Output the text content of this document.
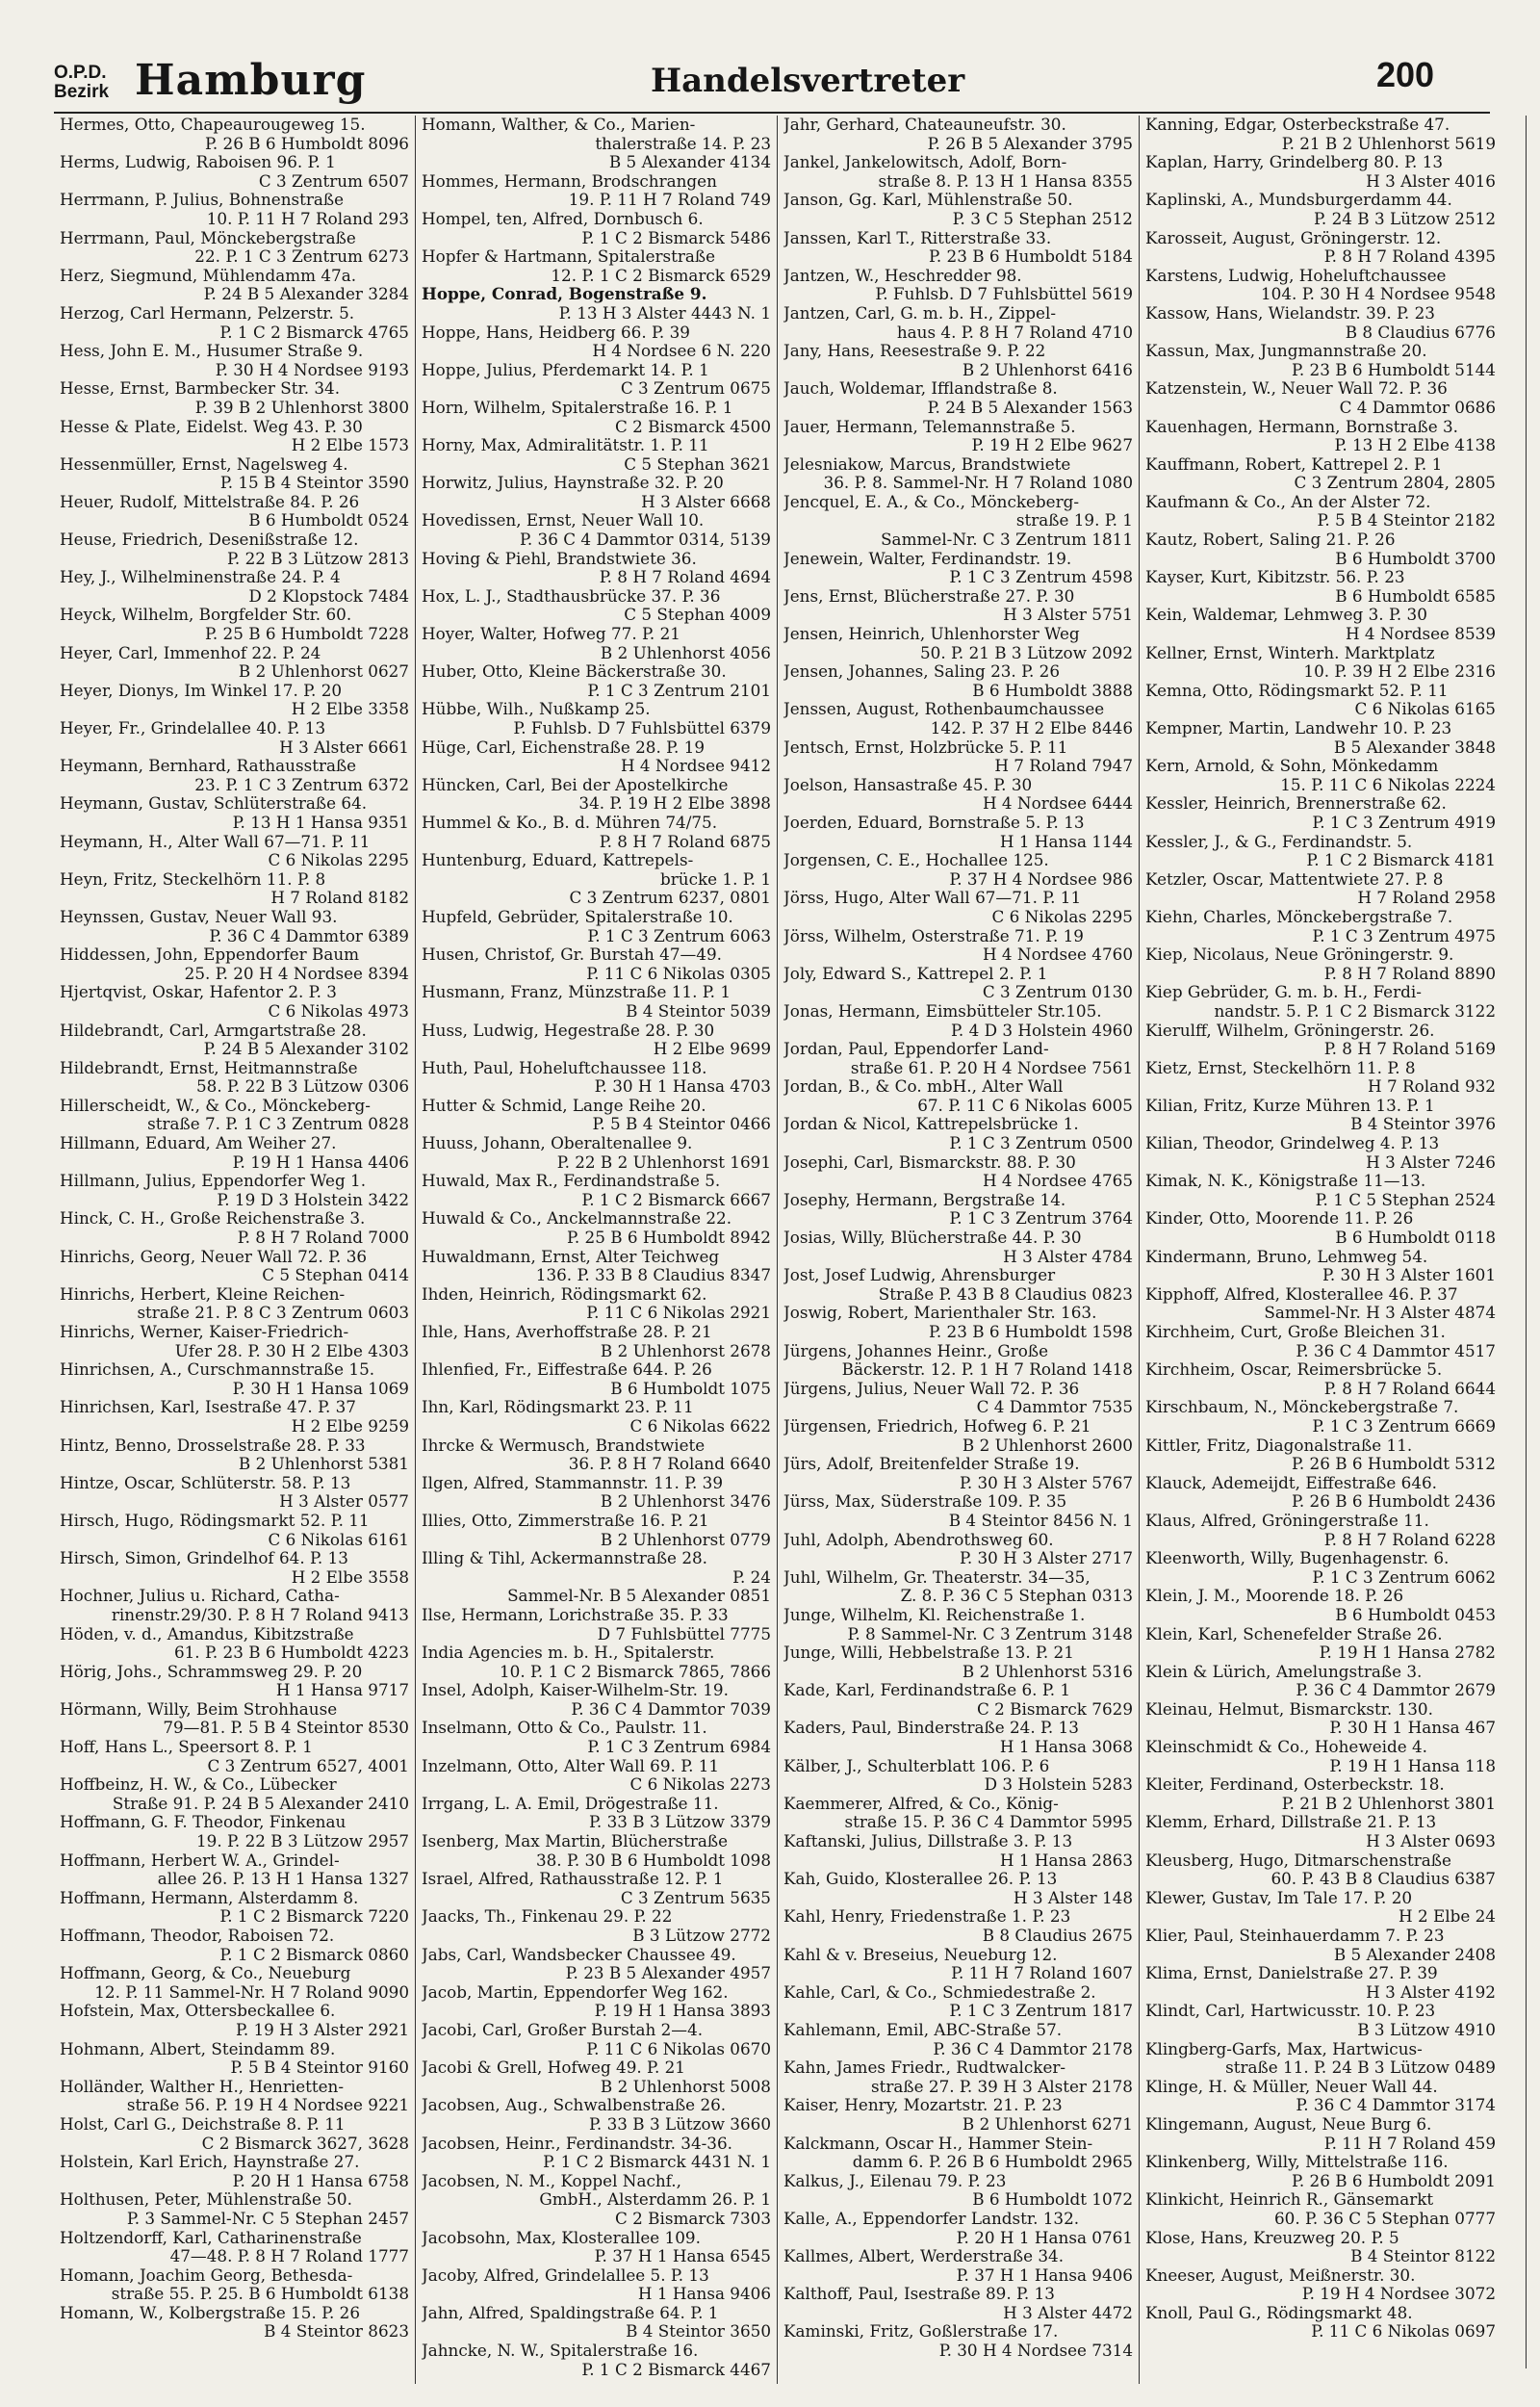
O.P.D.
Bezirk Hamburg	Handelsvertreter	200
Hermes, Otto, Chapeaurougeweg 15.
P. 26 B 6 Humboldt 8096
Herms, Ludwig, Raboisen 96. P. 1
C 3 Zentrum 6507
Herrmann, P. Julius, Bohnenstraße
10. P. 11 H 7 Roland 293
Herrmann, Paul, Mönckebergstraße
22. P. 1 C 3 Zentrum 6273
Herz, Siegmund, Mühlendamm 47a.
P. 24 B 5 Alexander 3284
Herzog, Carl Hermann, Pelzerstr. 5.
P. 1 C 2 Bismarck 4765
Hess, John E. M., Husumer Straße 9.
P. 30 H 4 Nordsee 9193
Hesse, Ernst, Barmbecker Str. 34.
P. 39 B 2 Uhlenhorst 3800
Hesse & Plate, Eidelst. Weg 43. P. 30
H 2 Elbe 1573
Hessenmüller, Ernst, Nagelsweg 4.
P. 15 B 4 Steintor 3590
Heuer, Rudolf, Mittelstraße 84. P. 26
B 6 Humboldt 0524
Heuse, Friedrich, Desenißstraße 12.
P. 22 B 3 Lützow 2813
Hey, J., Wilhelminenstraße 24. P. 4
D 2 Klopstock 7484
Heyck, Wilhelm, Borgfelder Str. 60.
P. 25 B 6 Humboldt 7228
Heyer, Carl, Immenhof 22. P. 24
B 2 Uhlenhorst 0627
Heyer, Dionys, Im Winkel 17. P. 20
H 2 Elbe 3358
Heyer, Fr., Grindelallee 40. P. 13
H 3 Alster 6661
Heymann, Bernhard, Rathausstraße
23. P. 1 C 3 Zentrum 6372
Heymann, Gustav, Schlüterstraße 64.
P. 13 H 1 Hansa 9351
Heymann, H., Alter Wall 67—71. P. 11
C 6 Nikolas 2295
Heyn, Fritz, Steckelhörn 11. P. 8
H 7 Roland 8182
Heynssen, Gustav, Neuer Wall 93.
P. 36 C 4 Dammtor 6389
Hiddessen, John, Eppendorfer Baum
25. P. 20 H 4 Nordsee 8394
Hjertqvist, Oskar, Hafentor 2. P. 3
C 6 Nikolas 4973
Hildebrandt, Carl, Armgartstraße 28.
P. 24 B 5 Alexander 3102
Hildebrandt, Ernst, Heitmannstraße
58. P. 22 B 3 Lützow 0306
Hillerscheidt, W., & Co., Mönckeberg-
straße 7. P. 1 C 3 Zentrum 0828
Hillmann, Eduard, Am Weiher 27.
P. 19 H 1 Hansa 4406
Hillmann, Julius, Eppendorfer Weg 1.
P. 19 D 3 Holstein 3422
Hinck, C. H., Große Reichenstraße 3.
P. 8 H 7 Roland 7000
Hinrichs, Georg, Neuer Wall 72. P. 36
C 5 Stephan 0414
Hinrichs, Herbert, Kleine Reichen-
straße 21. P. 8 C 3 Zentrum 0603
Hinrichs, Werner, Kaiser-Friedrich-
Ufer 28. P. 30 H 2 Elbe 4303
Hinrichsen, A., Curschmannstraße 15.
P. 30 H 1 Hansa 1069
Hinrichsen, Karl, Isestraße 47. P. 37
H 2 Elbe 9259
Hintz, Benno, Drosselstraße 28. P. 33
B 2 Uhlenhorst 5381
Hintze, Oscar, Schlüterstr. 58. P. 13
H 3 Alster 0577
Hirsch, Hugo, Rödingsmarkt 52. P. 11
C 6 Nikolas 6161
Hirsch, Simon, Grindelhof 64. P. 13
H 2 Elbe 3558
Hochner, Julius u. Richard, Catha-
rinenstr.29/30. P. 8 H 7 Roland 9413
Höden, v. d., Amandus, Kibitzstraße
61. P. 23 B 6 Humboldt 4223
Hörig, Johs., Schrammsweg 29. P. 20
H 1 Hansa 9717
Hörmann, Willy, Beim Strohhause
79—81. P. 5 B 4 Steintor 8530
Hoff, Hans L., Speersort 8. P. 1
C 3 Zentrum 6527, 4001
Hoffbeinz, H. W., & Co., Lübecker
Straße 91. P. 24 B 5 Alexander 2410
Hoffmann, G. F. Theodor, Finkenau
19. P. 22 B 3 Lützow 2957
Hoffmann, Herbert W. A., Grindel-
allee 26. P. 13 H 1 Hansa 1327
Hoffmann, Hermann, Alsterdamm 8.
P. 1 C 2 Bismarck 7220
Hoffmann, Theodor, Raboisen 72.
P. 1 C 2 Bismarck 0860
Hoffmann, Georg, & Co., Neueburg
12. P. 11 Sammel-Nr. H 7 Roland 9090
Hofstein, Max, Ottersbeckallee 6.
P. 19 H 3 Alster 2921
Hohmann, Albert, Steindamm 89.
P. 5 B 4 Steintor 9160
Holländer, Walther H., Henrietten-
straße 56. P. 19 H 4 Nordsee 9221
Holst, Carl G., Deichstraße 8. P. 11
C 2 Bismarck 3627, 3628
Holstein, Karl Erich, Haynstraße 27.
P. 20 H 1 Hansa 6758
Holthusen, Peter, Mühlenstraße 50.
P. 3 Sammel-Nr. C 5 Stephan 2457
Holtzendorff, Karl, Catharinenstraße
47—48. P. 8 H 7 Roland 1777
Homann, Joachim Georg, Bethesda-
straße 55. P. 25. B 6 Humboldt 6138
Homann, W., Kolbergstraße 15. P. 26
B 4 Steintor 8623
Homann, Walther, & Co., Marien-
thalerstraße 14. P. 23
B 5 Alexander 4134
Hommes, Hermann, Brodschrangen
19. P. 11 H 7 Roland 749
Hompel, ten, Alfred, Dornbusch 6.
P. 1 C 2 Bismarck 5486
Hopfer & Hartmann, Spitalerstraße
12. P. 1 C 2 Bismarck 6529
Hoppe, Conrad, Bogenstraße 9.
P. 13 H 3 Alster 4443 N. 1
Hoppe, Hans, Heidberg 66. P. 39
H 4 Nordsee 6 N. 220
Hoppe, Julius, Pferdemarkt 14. P. 1
C 3 Zentrum 0675
Horn, Wilhelm, Spitalerstraße 16. P. 1
C 2 Bismarck 4500
Horny, Max, Admiralitätstr. 1. P. 11
C 5 Stephan 3621
Horwitz, Julius, Haynstraße 32. P. 20
H 3 Alster 6668
Hovedissen, Ernst, Neuer Wall 10.
P. 36 C 4 Dammtor 0314, 5139
Hoving & Piehl, Brandstwiete 36.
P. 8 H 7 Roland 4694
Hox, L. J., Stadthausbrücke 37. P. 36
C 5 Stephan 4009
Hoyer, Walter, Hofweg 77. P. 21
B 2 Uhlenhorst 4056
Huber, Otto, Kleine Bäckerstraße 30.
P. 1 C 3 Zentrum 2101
Hübbe, Wilh., Nußkamp 25.
P. Fuhlsb. D 7 Fuhlsbüttel 6379
Hüge, Carl, Eichenstraße 28. P. 19
H 4 Nordsee 9412
Hüncken, Carl, Bei der Apostelkirche
34. P. 19 H 2 Elbe 3898
Hummel & Ko., B. d. Mühren 74/75.
P. 8 H 7 Roland 6875
Huntenburg, Eduard, Kattrepels-
brücke 1. P. 1
C 3 Zentrum 6237, 0801
Hupfeld, Gebrüder, Spitalerstraße 10.
P. 1 C 3 Zentrum 6063
Husen, Christof, Gr. Burstah 47—49.
P. 11 C 6 Nikolas 0305
Husmann, Franz, Münzstraße 11. P. 1
B 4 Steintor 5039
Huss, Ludwig, Hegestraße 28. P. 30
H 2 Elbe 9699
Huth, Paul, Hoheluftchaussee 118.
P. 30 H 1 Hansa 4703
Hutter & Schmid, Lange Reihe 20.
P. 5 B 4 Steintor 0466
Huuss, Johann, Oberaltenallee 9.
P. 22 B 2 Uhlenhorst 1691
Huwald, Max R., Ferdinandstraße 5.
P. 1 C 2 Bismarck 6667
Huwald & Co., Anckelmannstraße 22.
P. 25 B 6 Humboldt 8942
Huwaldmann, Ernst, Alter Teichweg
136. P. 33 B 8 Claudius 8347
Ihden, Heinrich, Rödingsmarkt 62.
P. 11 C 6 Nikolas 2921
Ihle, Hans, Averhoffstraße 28. P. 21
B 2 Uhlenhorst 2678
Ihlenfied, Fr., Eiffestraße 644. P. 26
B 6 Humboldt 1075
Ihn, Karl, Rödingsmarkt 23. P. 11
C 6 Nikolas 6622
Ihrcke & Wermusch, Brandstwiete
36. P. 8 H 7 Roland 6640
Ilgen, Alfred, Stammannstr. 11. P. 39
B 2 Uhlenhorst 3476
Illies, Otto, Zimmerstraße 16. P. 21
B 2 Uhlenhorst 0779
Illing & Tihl, Ackermannstraße 28.
P. 24
Sammel-Nr. B 5 Alexander 0851
Ilse, Hermann, Lorichstraße 35. P. 33
D 7 Fuhlsbüttel 7775
India Agencies m. b. H., Spitalerstr.
10. P. 1 C 2 Bismarck 7865, 7866
Insel, Adolph, Kaiser-Wilhelm-Str. 19.
P. 36 C 4 Dammtor 7039
Inselmann, Otto & Co., Paulstr. 11.
P. 1 C 3 Zentrum 6984
Inzelmann, Otto, Alter Wall 69. P. 11
C 6 Nikolas 2273
Irrgang, L. A. Emil, Drögestraße 11.
P. 33 B 3 Lützow 3379
Isenberg, Max Martin, Blücherstraße
38. P. 30 B 6 Humboldt 1098
Israel, Alfred, Rathausstraße 12. P. 1
C 3 Zentrum 5635
Jaacks, Th., Finkenau 29. P. 22
B 3 Lützow 2772
Jabs, Carl, Wandsbecker Chaussee 49.
P. 23 B 5 Alexander 4957
Jacob, Martin, Eppendorfer Weg 162.
P. 19 H 1 Hansa 3893
Jacobi, Carl, Großer Burstah 2—4.
P. 11 C 6 Nikolas 0670
Jacobi & Grell, Hofweg 49. P. 21
B 2 Uhlenhorst 5008
Jacobsen, Aug., Schwalbenstraße 26.
P. 33 B 3 Lützow 3660
Jacobsen, Heinr., Ferdinandstr. 34-36.
P. 1 C 2 Bismarck 4431 N. 1
Jacobsen, N. M., Koppel Nachf.,
GmbH., Alsterdamm 26. P. 1
C 2 Bismarck 7303
Jacobsohn, Max, Klosterallee 109.
P. 37 H 1 Hansa 6545
Jacoby, Alfred, Grindelallee 5. P. 13
H 1 Hansa 9406
Jahn, Alfred, Spaldingstraße 64. P. 1
B 4 Steintor 3650
Jahncke, N. W., Spitalerstraße 16.
P. 1 C 2 Bismarck 4467
Jahr, Gerhard, Chateauneufstr. 30.
P. 26 B 5 Alexander 3795
Jankel, Jankelowitsch, Adolf, Born-
straße 8. P. 13 H 1 Hansa 8355
Janson, Gg. Karl, Mühlenstraße 50.
P. 3 C 5 Stephan 2512
Janssen, Karl T., Ritterstraße 33.
P. 23 B 6 Humboldt 5184
Jantzen, W., Heschredder 98.
P. Fuhlsb. D 7 Fuhlsbüttel 5619
Jantzen, Carl, G. m. b. H., Zippel-
haus 4. P. 8 H 7 Roland 4710
Jany, Hans, Reesestraße 9. P. 22
B 2 Uhlenhorst 6416
Jauch, Woldemar, Ifflandstraße 8.
P. 24 B 5 Alexander 1563
Jauer, Hermann, Telemannstraße 5.
P. 19 H 2 Elbe 9627
Jelesniakow, Marcus, Brandstwiete
36. P. 8. Sammel-Nr. H 7 Roland 1080
Jencquel, E. A., & Co., Mönckeberg-
straße 19. P. 1
Sammel-Nr. C 3 Zentrum 1811
Jenewein, Walter, Ferdinandstr. 19.
P. 1 C 3 Zentrum 4598
Jens, Ernst, Blücherstraße 27. P. 30
H 3 Alster 5751
Jensen, Heinrich, Uhlenhorster Weg
50. P. 21 B 3 Lützow 2092
Jensen, Johannes, Saling 23. P. 26
B 6 Humboldt 3888
Jenssen, August, Rothenbaumchaussee
142. P. 37 H 2 Elbe 8446
Jentsch, Ernst, Holzbrücke 5. P. 11
H 7 Roland 7947
Joelson, Hansastraße 45. P. 30
H 4 Nordsee 6444
Joerden, Eduard, Bornstraße 5. P. 13
H 1 Hansa 1144
Jorgensen, C. E., Hochallee 125.
P. 37 H 4 Nordsee 986
Jörss, Hugo, Alter Wall 67—71. P. 11
C 6 Nikolas 2295
Jörss, Wilhelm, Osterstraße 71. P. 19
H 4 Nordsee 4760
Joly, Edward S., Kattrepel 2. P. 1
C 3 Zentrum 0130
Jonas, Hermann, Eimsbütteler Str.105.
P. 4 D 3 Holstein 4960
Jordan, Paul, Eppendorfer Land-
straße 61. P. 20 H 4 Nordsee 7561
Jordan, B., & Co. mbH., Alter Wall
67. P. 11 C 6 Nikolas 6005
Jordan & Nicol, Kattrepelsbrücke 1.
P. 1 C 3 Zentrum 0500
Josephi, Carl, Bismarckstr. 88. P. 30
H 4 Nordsee 4765
Josephy, Hermann, Bergstraße 14.
P. 1 C 3 Zentrum 3764
Josias, Willy, Blücherstraße 44. P. 30
H 3 Alster 4784
Jost, Josef Ludwig, Ahrensburger
Straße P. 43 B 8 Claudius 0823
Joswig, Robert, Marienthaler Str. 163.
P. 23 B 6 Humboldt 1598
Jürgens, Johannes Heinr., Große
Bäckerstr. 12. P. 1 H 7 Roland 1418
Jürgens, Julius, Neuer Wall 72. P. 36
C 4 Dammtor 7535
Jürgensen, Friedrich, Hofweg 6. P. 21
B 2 Uhlenhorst 2600
Jürs, Adolf, Breitenfelder Straße 19.
P. 30 H 3 Alster 5767
Jürss, Max, Süderstraße 109. P. 35
B 4 Steintor 8456 N. 1
Juhl, Adolph, Abendrothsweg 60.
P. 30 H 3 Alster 2717
Juhl, Wilhelm, Gr. Theaterstr. 34—35,
Z. 8. P. 36 C 5 Stephan 0313
Junge, Wilhelm, Kl. Reichenstraße 1.
P. 8 Sammel-Nr. C 3 Zentrum 3148
Junge, Willi, Hebbelstraße 13. P. 21
B 2 Uhlenhorst 5316
Kade, Karl, Ferdinandstraße 6. P. 1
C 2 Bismarck 7629
Kaders, Paul, Binderstraße 24. P. 13
H 1 Hansa 3068
Kälber, J., Schulterblatt 106. P. 6
D 3 Holstein 5283
Kaemmerer, Alfred, & Co., König-
straße 15. P. 36 C 4 Dammtor 5995
Kaftanski, Julius, Dillstraße 3. P. 13
H 1 Hansa 2863
Kah, Guido, Klosterallee 26. P. 13
H 3 Alster 148
Kahl, Henry, Friedenstraße 1. P. 23
B 8 Claudius 2675
Kahl & v. Breseius, Neueburg 12.
P. 11 H 7 Roland 1607
Kahle, Carl, & Co., Schmiedestraße 2.
P. 1 C 3 Zentrum 1817
Kahlemann, Emil, ABC-Straße 57.
P. 36 C 4 Dammtor 2178
Kahn, James Friedr., Rudtwalcker-
straße 27. P. 39 H 3 Alster 2178
Kaiser, Henry, Mozartstr. 21. P. 23
B 2 Uhlenhorst 6271
Kalckmann, Oscar H., Hammer Stein-
damm 6. P. 26 B 6 Humboldt 2965
Kalkus, J., Eilenau 79. P. 23
B 6 Humboldt 1072
Kalle, A., Eppendorfer Landstr. 132.
P. 20 H 1 Hansa 0761
Kallmes, Albert, Werderstraße 34.
P. 37 H 1 Hansa 9406
Kalthoff, Paul, Isestraße 89. P. 13
H 3 Alster 4472
Kaminski, Fritz, Goßlerstraße 17.
P. 30 H 4 Nordsee 7314
Kanning, Edgar, Osterbeckstraße 47.
P. 21 B 2 Uhlenhorst 5619
Kaplan, Harry, Grindelberg 80. P. 13
H 3 Alster 4016
Kaplinski, A., Mundsburgerdamm 44.
P. 24 B 3 Lützow 2512
Karosseit, August, Gröningerstr. 12.
P. 8 H 7 Roland 4395
Karstens, Ludwig, Hoheluftchaussee
104. P. 30 H 4 Nordsee 9548
Kassow, Hans, Wielandstr. 39. P. 23
B 8 Claudius 6776
Kassun, Max, Jungmannstraße 20.
P. 23 B 6 Humboldt 5144
Katzenstein, W., Neuer Wall 72. P. 36
C 4 Dammtor 0686
Kauenhagen, Hermann, Bornstraße 3.
P. 13 H 2 Elbe 4138
Kauffmann, Robert, Kattrepel 2. P. 1
C 3 Zentrum 2804, 2805
Kaufmann & Co., An der Alster 72.
P. 5 B 4 Steintor 2182
Kautz, Robert, Saling 21. P. 26
B 6 Humboldt 3700
Kayser, Kurt, Kibitzstr. 56. P. 23
B 6 Humboldt 6585
Kein, Waldemar, Lehmweg 3. P. 30
H 4 Nordsee 8539
Kellner, Ernst, Winterh. Marktplatz
10. P. 39 H 2 Elbe 2316
Kemna, Otto, Rödingsmarkt 52. P. 11
C 6 Nikolas 6165
Kempner, Martin, Landwehr 10. P. 23
B 5 Alexander 3848
Kern, Arnold, & Sohn, Mönkedamm
15. P. 11 C 6 Nikolas 2224
Kessler, Heinrich, Brennerstraße 62.
P. 1 C 3 Zentrum 4919
Kessler, J., & G., Ferdinandstr. 5.
P. 1 C 2 Bismarck 4181
Ketzler, Oscar, Mattentwiete 27. P. 8
H 7 Roland 2958
Kiehn, Charles, Mönckebergstraße 7.
P. 1 C 3 Zentrum 4975
Kiep, Nicolaus, Neue Gröningerstr. 9.
P. 8 H 7 Roland 8890
Kiep Gebrüder, G. m. b. H., Ferdi-
nandstr. 5. P. 1 C 2 Bismarck 3122
Kierulff, Wilhelm, Gröningerstr. 26.
P. 8 H 7 Roland 5169
Kietz, Ernst, Steckelhörn 11. P. 8
H 7 Roland 932
Kilian, Fritz, Kurze Mühren 13. P. 1
B 4 Steintor 3976
Kilian, Theodor, Grindelweg 4. P. 13
H 3 Alster 7246
Kimak, N. K., Königstraße 11—13.
P. 1 C 5 Stephan 2524
Kinder, Otto, Moorende 11. P. 26
B 6 Humboldt 0118
Kindermann, Bruno, Lehmweg 54.
P. 30 H 3 Alster 1601
Kipphoff, Alfred, Klosterallee 46. P. 37
Sammel-Nr. H 3 Alster 4874
Kirchheim, Curt, Große Bleichen 31.
P. 36 C 4 Dammtor 4517
Kirchheim, Oscar, Reimersbrücke 5.
P. 8 H 7 Roland 6644
Kirschbaum, N., Mönckebergstraße 7.
P. 1 C 3 Zentrum 6669
Kittler, Fritz, Diagonalstraße 11.
P. 26 B 6 Humboldt 5312
Klauck, Ademeijdt, Eiffestraße 646.
P. 26 B 6 Humboldt 2436
Klaus, Alfred, Gröningerstraße 11.
P. 8 H 7 Roland 6228
Kleenworth, Willy, Bugenhagenstr. 6.
P. 1 C 3 Zentrum 6062
Klein, J. M., Moorende 18. P. 26
B 6 Humboldt 0453
Klein, Karl, Schenefelder Straße 26.
P. 19 H 1 Hansa 2782
Klein & Lürich, Amelungstraße 3.
P. 36 C 4 Dammtor 2679
Kleinau, Helmut, Bismarckstr. 130.
P. 30 H 1 Hansa 467
Kleinschmidt & Co., Hoheweide 4.
P. 19 H 1 Hansa 118
Kleiter, Ferdinand, Osterbeckstr. 18.
P. 21 B 2 Uhlenhorst 3801
Klemm, Erhard, Dillstraße 21. P. 13
H 3 Alster 0693
Kleusberg, Hugo, Ditmarschenstraße
60. P. 43 B 8 Claudius 6387
Klewer, Gustav, Im Tale 17. P. 20
H 2 Elbe 24
Klier, Paul, Steinhauerdamm 7. P. 23
B 5 Alexander 2408
Klima, Ernst, Danielstraße 27. P. 39
H 3 Alster 4192
Klindt, Carl, Hartwicusstr. 10. P. 23
B 3 Lützow 4910
Klingberg-Garfs, Max, Hartwicus-
straße 11. P. 24 B 3 Lützow 0489
Klinge, H. & Müller, Neuer Wall 44.
P. 36 C 4 Dammtor 3174
Klingemann, August, Neue Burg 6.
P. 11 H 7 Roland 459
Klinkenberg, Willy, Mittelstraße 116.
P. 26 B 6 Humboldt 2091
Klinkicht, Heinrich R., Gänsemarkt
60. P. 36 C 5 Stephan 0777
Klose, Hans, Kreuzweg 20. P. 5
B 4 Steintor 8122
Kneeser, August, Meißnerstr. 30.
P. 19 H 4 Nordsee 3072
Knoll, Paul G., Rödingsmarkt 48.
P. 11 C 6 Nikolas 0697
